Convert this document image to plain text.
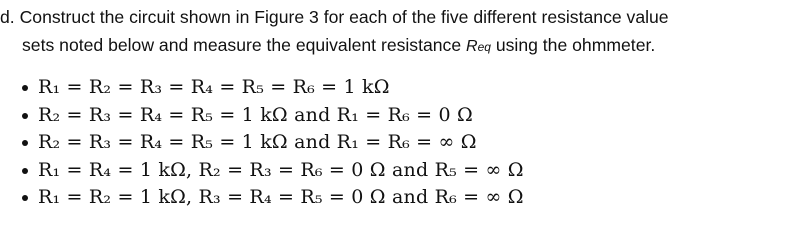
d. Construct the circuit shown in Figure 3 for each of the five different resistance value
sets noted below and measure the equivalent resistance Req using the ohmmeter.
R₁ = R₂ = R₃ = R₄ = R₅ = R₆ = 1 kΩ
R₂ = R₃ = R₄ = R₅ = 1 kΩ and R₁ = R₆ = 0 Ω
R₂ = R₃ = R₄ = R₅ = 1 kΩ and R₁ = R₆ = ∞ Ω
R₁ = R₄ = 1 kΩ, R₂ = R₃ = R₆ = 0 Ω and R₅ = ∞ Ω
R₁ = R₂ = 1 kΩ, R₃ = R₄ = R₅ = 0 Ω and R₆ = ∞ Ω
